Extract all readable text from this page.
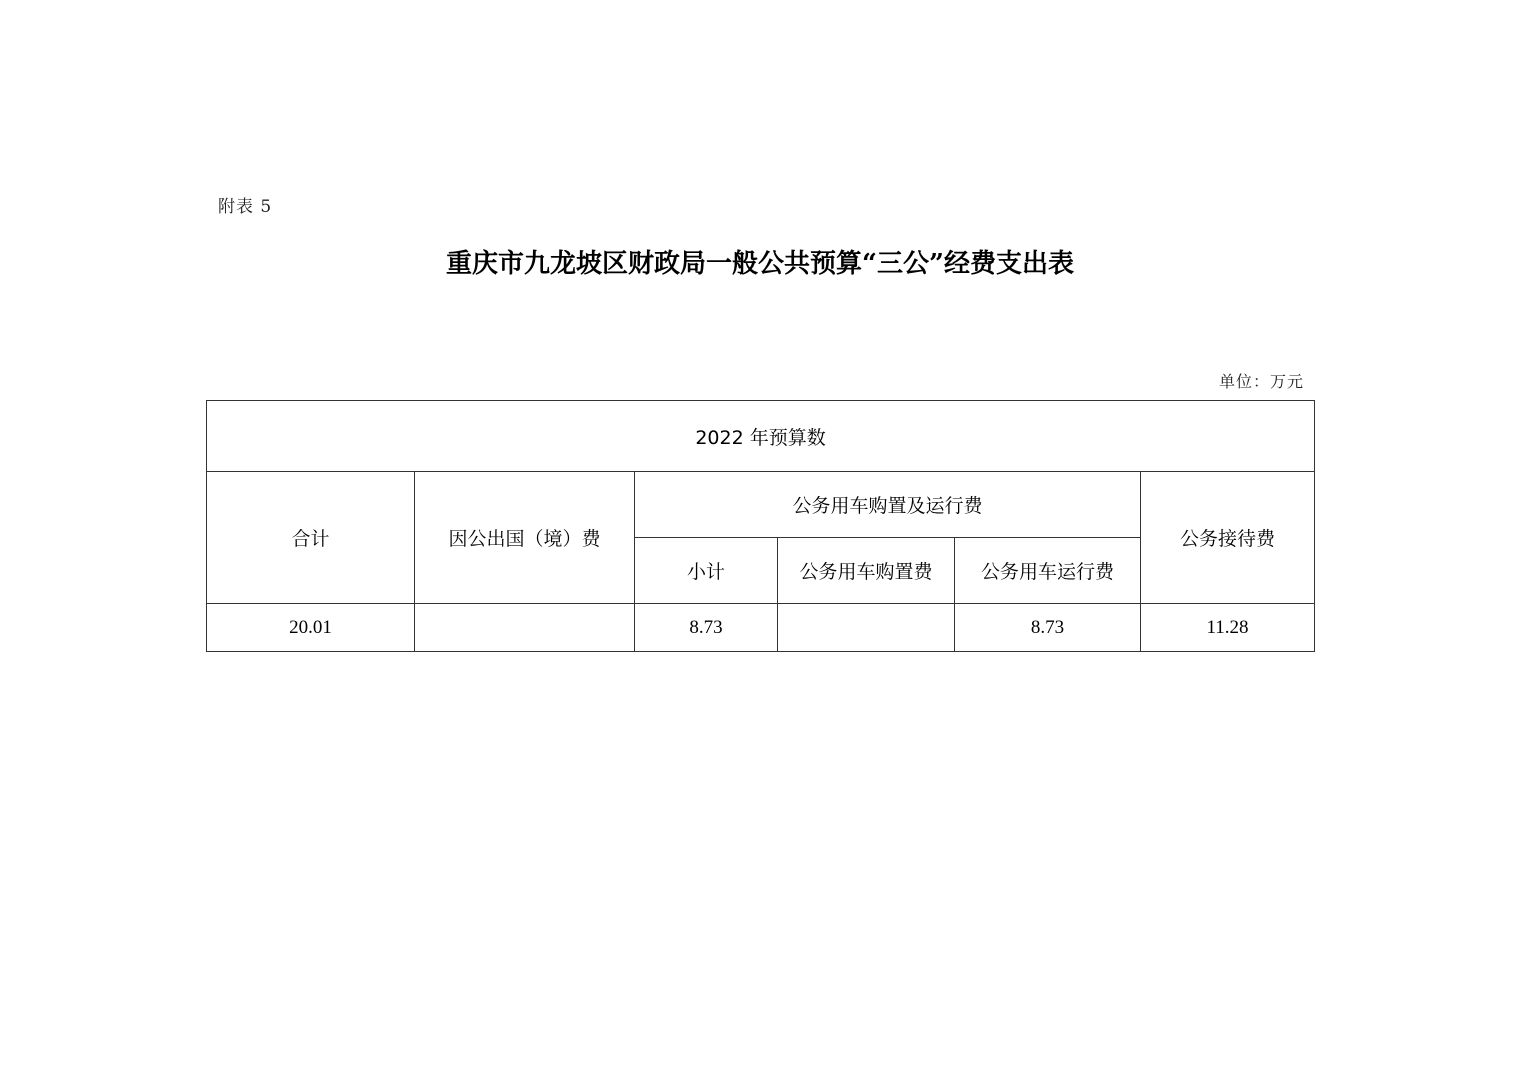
附表 5
重庆市九龙坡区财政局一般公共预算“三公”经费支出表
单位：万元
2022 年预算数					
合计	因公出国（境）费	公务用车购置及运行费			公务接待费
		小计	公务用车购置费	公务用车运行费	
20.01		8.73		8.73	11.28
